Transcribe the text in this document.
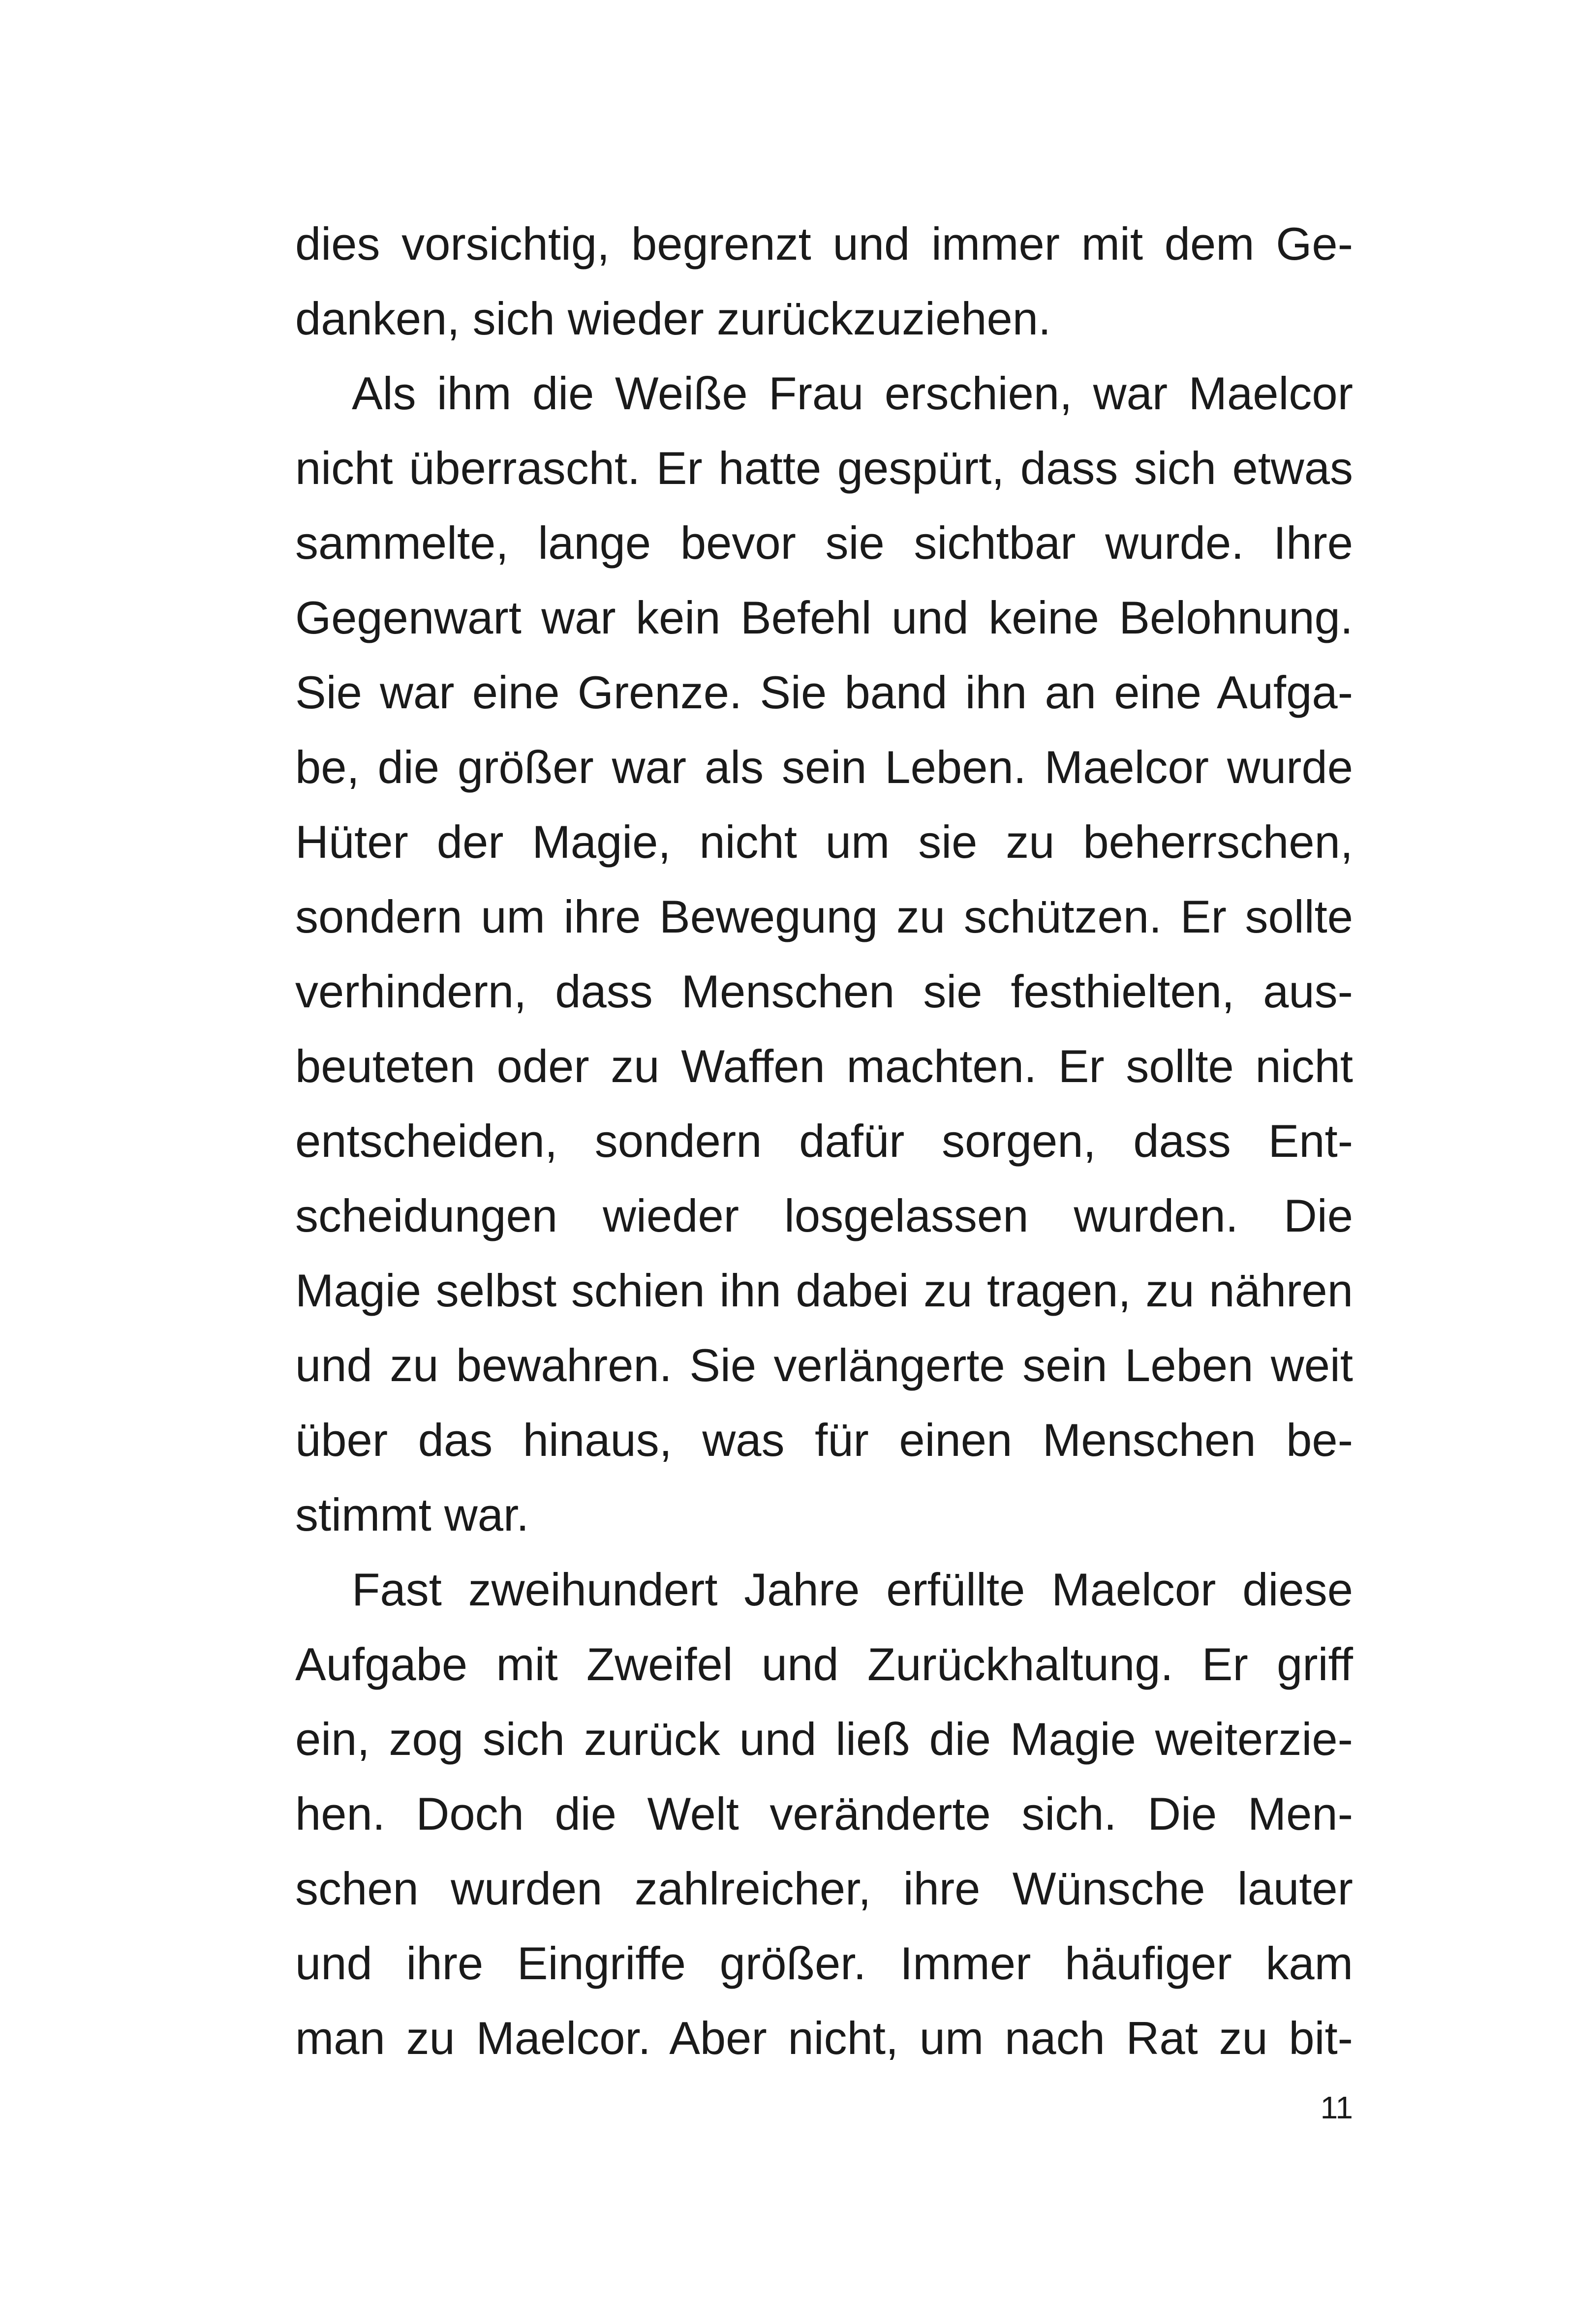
dies vorsichtig, begrenzt und immer mit dem Ge-
danken, sich wieder zurückzuziehen.
Als ihm die Weiße Frau erschien, war Maelcor
nicht überrascht. Er hatte gespürt, dass sich etwas
sammelte, lange bevor sie sichtbar wurde. Ihre
Gegenwart war kein Befehl und keine Belohnung.
Sie war eine Grenze. Sie band ihn an eine Aufga-
be, die größer war als sein Leben. Maelcor wurde
Hüter der Magie, nicht um sie zu beherrschen,
sondern um ihre Bewegung zu schützen. Er sollte
verhindern, dass Menschen sie festhielten, aus-
beuteten oder zu Waffen machten. Er sollte nicht
entscheiden, sondern dafür sorgen, dass Ent-
scheidungen wieder losgelassen wurden. Die
Magie selbst schien ihn dabei zu tragen, zu nähren
und zu bewahren. Sie verlängerte sein Leben weit
über das hinaus, was für einen Menschen be-
stimmt war.
Fast zweihundert Jahre erfüllte Maelcor diese
Aufgabe mit Zweifel und Zurückhaltung. Er griff
ein, zog sich zurück und ließ die Magie weiterzie-
hen. Doch die Welt veränderte sich. Die Men-
schen wurden zahlreicher, ihre Wünsche lauter
und ihre Eingriffe größer. Immer häufiger kam
man zu Maelcor. Aber nicht, um nach Rat zu bit-
11
